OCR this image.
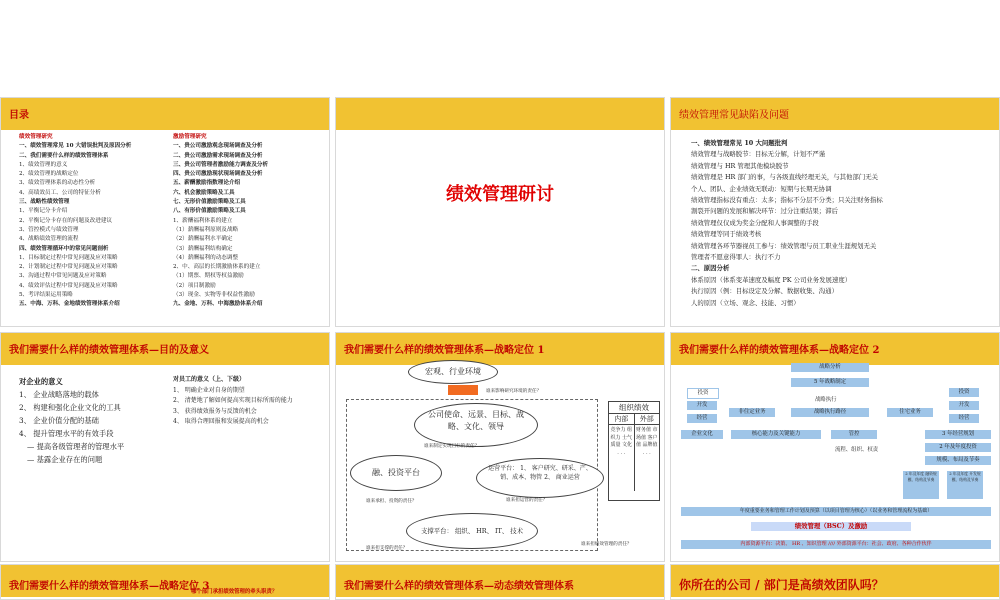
目录
绩效管理研究
一、绩效管理常见 10 大错误批判及原因分析
二、我们需要什么样的绩效管理体系
1、绩效管理的意义
2、绩效管理的战略定位
3、绩效管理体系的动态性分析
4、高绩效员工、公司的特征分析
三、战略性绩效管理
1、平衡记分卡介绍
2、平衡记分卡存在的问题及改进建议
3、管控模式与绩效管理
4、战略绩效管理的流程
四、绩效管理循环中的常见问题剖析
1、目标制定过程中常见问题及应对策略
2、计划制定过程中常见问题及应对策略
3、沟通过程中常见问题及应对策略
4、绩效评估过程中常见问题及应对策略
5、考评结果运用策略
五、中海、万科、金地绩效管理体系介绍
激励管理研究
一、贵公司激励观念现场调查及分析
二、贵公司激励需求现场调查及分析
三、贵公司管理者激励能力调查及分析
四、贵公司激励现状现场调查及分析
五、薪酬激励指数理论介绍
六、机会激励策略及工具
七、无形价值激励策略及工具
八、有形价值激励策略及工具
1、薪酬福利体系的建立
（1）薪酬福利原则及战略
（2）薪酬福利水平确定
（3）薪酬福利结构确定
（4）薪酬福利的动态调整
2、中、高层的长期激励体系的建立
（1）期票、期权等权益激励
（2）项目制激励
（3）现金、实物等非权益性激励
九、金地、万科、中海激励体系介绍
绩效管理研讨
绩效管理常见缺陷及问题
一、绩效管理常见 10 大问题批判
绩效管理与战略脱节：目标无分解，计划不严谨
绩效管理与 HR 管理其他模块脱节
绩效管理是 HR 部门的事，与各级直线经理无关，与其他部门无关
个人、团队、企业绩效无联动：短期与长期无协调
绩效管理指标没有重点：太多；指标不分层不分类；只关注财务指标
割裂开问题的发展和解决环节：过分注重结果；滞后
绩效管理仅仅成为奖金分配和人事调整的手段
绩效管理等同于绩效考核
绩效管理各环节器视员工参与：绩效管理与员工职业生涯规划无关
管理者不愿意得罪人：执行不力
二、原因分析
体系原因（体系变革速度及幅度 PK 公司业务发展速度）
执行原因（例：目标设定及分解、数据收集、沟通）
人的原因（立场、观念、技能、习惯）
我们需要什么样的绩效管理体系—目的及意义
对企业的意义
1、 企业战略落地的载体
2、 构建和强化企业文化的工具
3、 企业价值分配的基础
4、 提升管理水平的有效手段
— 提高各级管理者的管理水平
— 基露企业存在的问题
对员工的意义（上、下级）
1、 明确企业对自身的期望
2、 清楚地了解如何提高实现目标所需的能力
3、 获得绩效报务与反馈的机会
4、 取得合理回报和发展提高的机会
我们需要什么样的绩效管理体系—战略定位 1
宏观、行业环境
谁来影响研究环境的责任？
公司使命、远景、目标、战略、文化、领导
谁来制定实现目标的责任？
融、投资平台	运营平台： 1、 客户研究、研采、产、销、成本、物管 2、 商业运营
谁来承担、投资的责任？	谁来担运营的责任？
支撑平台： 组织、 HR、 IT、 技术
谁来担支撑的责任？
谁来担绩效管理的责任？
组织绩效
内部	外部
竞争力 组织力 士气 质量 文化 . . .
财务值 市场值 客户值 品牌值 . . .
我们需要什么样的绩效管理体系—战略定位 2
战略分析
5 年战略制定
战略执行
投资
开发
经营
投资
开发
经营
非住定业务	战略执行路径	住宅业务
企业文化	核心能力及关键能力	管控	3 年经营规划
2 年及年度投资
流程、组织、权责
规模、布局及节奏
2 年及年度 融资规模、结构及节奏
2 年及年度 开发规模、结构及节奏
年度重要业务和管理工作计划及预算（以项目管理为核心）（以业务和管理流程为基础）
绩效管理（BSC）及激励
内部资源平台：决策、 HR 、知识管理 //// 外部资源平台：社会、政府、各种合作伙伴
我们需要什么样的绩效管理体系—战略定位 3
哪个部门承担绩效管理的牵头职责？	我们需要什么样的绩效管理体系—动态绩效管理体系	你所在的公司 / 部门是高绩效团队吗？
